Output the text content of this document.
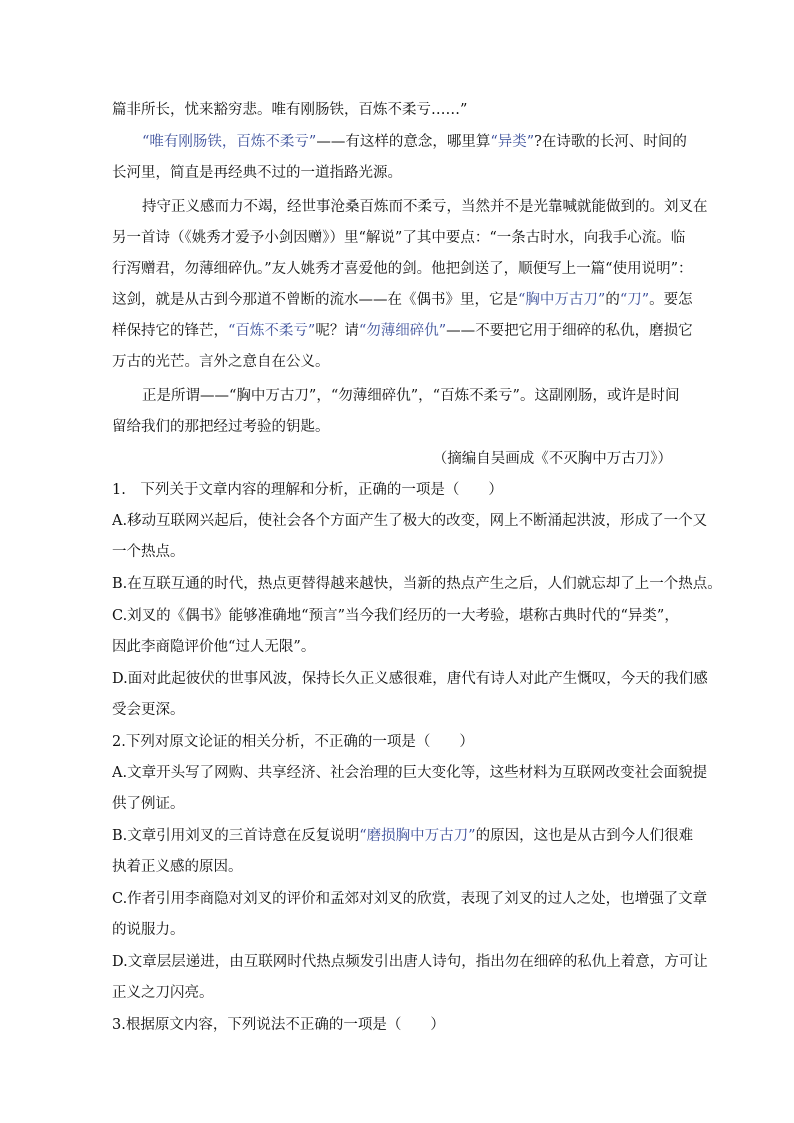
篇非所长，忧来豁穷悲。唯有刚肠铁，百炼不柔亏……”
“唯有刚肠铁，百炼不柔亏”——有这样的意念，哪里算“异类”?在诗歌的长河、时间的
长河里，简直是再经典不过的一道指路光源。
持守正义感而力不竭，经世事沧桑百炼而不柔亏，当然并不是光靠喊就能做到的。刘叉在
另一首诗（《姚秀才爱予小剑因赠》）里“解说”了其中要点：“一条古时水，向我手心流。临
行泻赠君，勿薄细碎仇。”友人姚秀才喜爱他的剑。他把剑送了，顺便写上一篇“使用说明”：
这剑，就是从古到今那道不曾断的流水——在《偶书》里，它是“胸中万古刀”的“刀”。要怎
样保持它的锋芒，“百炼不柔亏”呢？请“勿薄细碎仇”——不要把它用于细碎的私仇，磨损它
万古的光芒。言外之意自在公义。
正是所谓——“胸中万古刀”，“勿薄细碎仇”，“百炼不柔亏”。这副刚肠，或许是时间
留给我们的那把经过考验的钥匙。
（摘编自吴画成《不灭胸中万古刀》）
1.　下列关于文章内容的理解和分析，正确的一项是（　　）
A.移动互联网兴起后，使社会各个方面产生了极大的改变，网上不断涌起洪波，形成了一个又
一个热点。
B.在互联互通的时代，热点更替得越来越快，当新的热点产生之后，人们就忘却了上一个热点。
C.刘叉的《偶书》能够准确地“预言”当今我们经历的一大考验，堪称古典时代的“异类”，
因此李商隐评价他“过人无限”。
D.面对此起彼伏的世事风波，保持长久正义感很难，唐代有诗人对此产生慨叹，今天的我们感
受会更深。
2.下列对原文论证的相关分析，不正确的一项是（　　）
A.文章开头写了网购、共享经济、社会治理的巨大变化等，这些材料为互联网改变社会面貌提
供了例证。
B.文章引用刘叉的三首诗意在反复说明“磨损胸中万古刀”的原因，这也是从古到今人们很难
执着正义感的原因。
C.作者引用李商隐对刘叉的评价和孟郊对刘叉的欣赏，表现了刘叉的过人之处，也增强了文章
的说服力。
D.文章层层递进，由互联网时代热点频发引出唐人诗句，指出勿在细碎的私仇上着意，方可让
正义之刀闪亮。
3.根据原文内容，下列说法不正确的一项是（　　）
